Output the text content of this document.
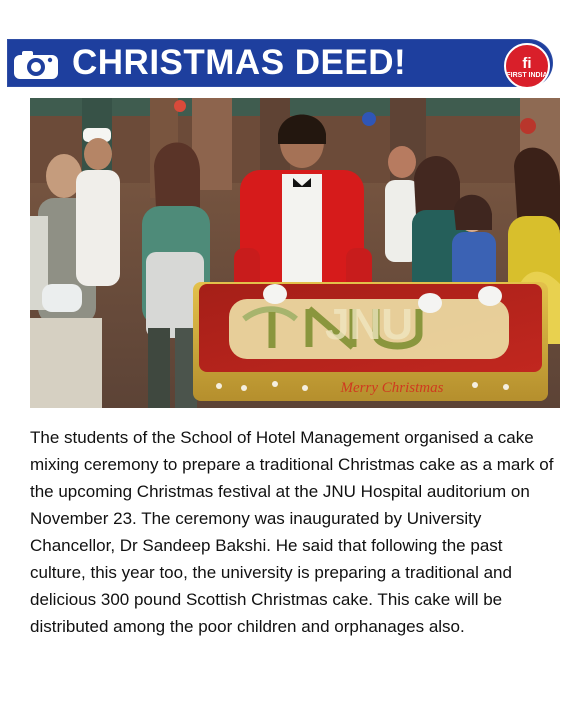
CHRISTMAS DEED!	fi
FIRST INDIA
JNU
Merry Christmas

The students of the School of Hotel Management organised a cake mixing ceremony to prepare a traditional Christmas cake as a mark of the upcoming Christmas festival at the JNU Hospital auditorium on November 23. The ceremony was inaugurated by University Chancellor, Dr Sandeep Bakshi. He said that following the past culture, this year too, the university is preparing a traditional and delicious 300 pound Scottish Christmas cake. This cake will be distributed among the poor children and orphanages also.
